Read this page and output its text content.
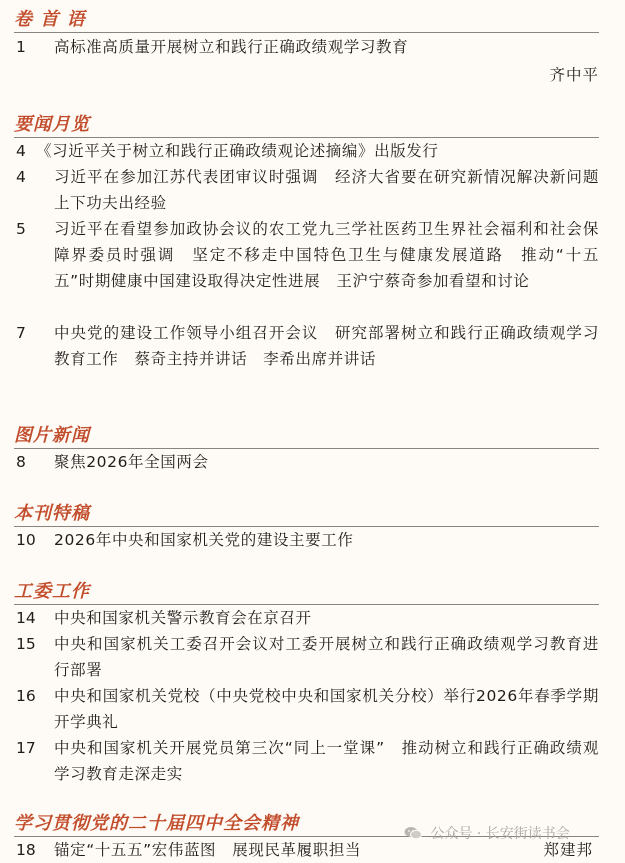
卷 首 语
1 高标准高质量开展树立和践行正确政绩观学习教育
齐中平
要闻月览
4 《习近平关于树立和践行正确政绩观论述摘编》出版发行
4 习近平在参加江苏代表团审议时强调　经济大省要在研究新情况解决新问题上下功夫出经验
5 习近平在看望参加政协会议的农工党九三学社医药卫生界社会福利和社会保障界委员时强调　坚定不移走中国特色卫生与健康发展道路　推动“十五五”时期健康中国建设取得决定性进展　王沪宁蔡奇参加看望和讨论
7 中央党的建设工作领导小组召开会议　研究部署树立和践行正确政绩观学习教育工作　蔡奇主持并讲话　李希出席并讲话
图片新闻
8 聚焦2026年全国两会
本刊特稿
10 2026年中央和国家机关党的建设主要工作
工委工作
14 中央和国家机关警示教育会在京召开
15 中央和国家机关工委召开会议对工委开展树立和践行正确政绩观学习教育进行部署
16 中央和国家机关党校（中央党校中央和国家机关分校）举行2026年春季学期开学典礼
17 中央和国家机关开展党员第三次“同上一堂课”　推动树立和践行正确政绩观学习教育走深走实
学习贯彻党的二十届四中全会精神
18 锚定“十五五”宏伟蓝图　展现民革履职担当	郑建邦
公众号 · 长安街读书会
